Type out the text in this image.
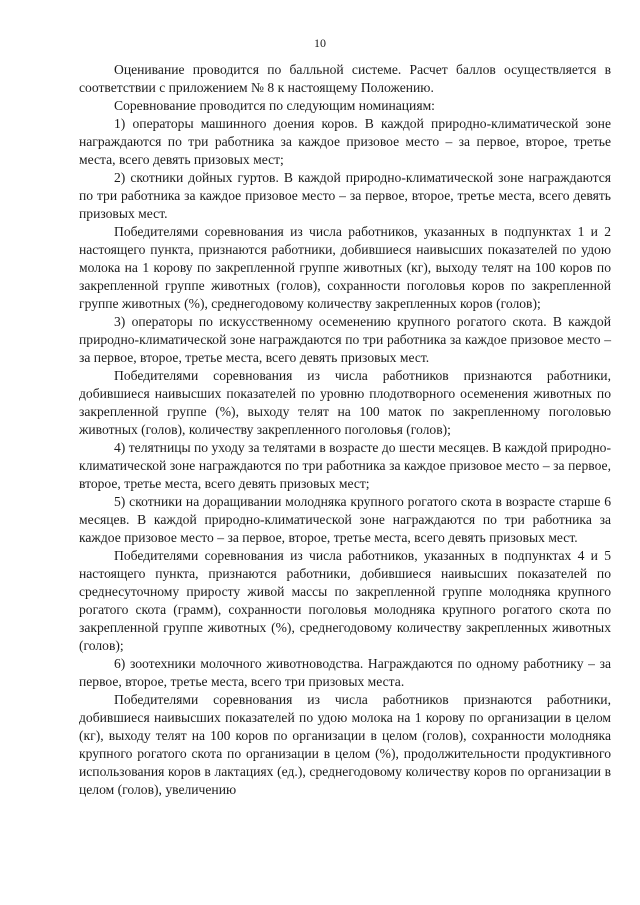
10

Оценивание проводится по балльной системе. Расчет баллов осуществляется в соответствии с приложением № 8 к настоящему Положению.

Соревнование проводится по следующим номинациям:

1) операторы машинного доения коров. В каждой природно-климатической зоне награждаются по три работника за каждое призовое место – за первое, второе, третье места, всего девять призовых мест;

2) скотники дойных гуртов. В каждой природно-климатической зоне награждаются по три работника за каждое призовое место – за первое, второе, третье места, всего девять призовых мест.

Победителями соревнования из числа работников, указанных в подпунктах 1 и 2 настоящего пункта, признаются работники, добившиеся наивысших показателей по удою молока на 1 корову по закрепленной группе животных (кг), выходу телят на 100 коров по закрепленной группе животных (голов), сохранности поголовья коров по закрепленной группе животных (%), среднегодовому количеству закрепленных коров (голов);

3) операторы по искусственному осеменению крупного рогатого скота. В каждой природно-климатической зоне награждаются по три работника за каждое призовое место – за первое, второе, третье места, всего девять призовых мест.

Победителями соревнования из числа работников признаются работники, добившиеся наивысших показателей по уровню плодотворного осеменения животных по закрепленной группе (%), выходу телят на 100 маток по закрепленному поголовью животных (голов), количеству закрепленного поголовья (голов);

4) телятницы по уходу за телятами в возрасте до шести месяцев. В каждой природно-климатической зоне награждаются по три работника за каждое призовое место – за первое, второе, третье места, всего девять призовых мест;

5) скотники на доращивании молодняка крупного рогатого скота в возрасте старше 6 месяцев. В каждой природно-климатической зоне награждаются по три работника за каждое призовое место – за первое, второе, третье места, всего девять призовых мест.

Победителями соревнования из числа работников, указанных в подпунктах 4 и 5 настоящего пункта, признаются работники, добившиеся наивысших показателей по среднесуточному приросту живой массы по закрепленной группе молодняка крупного рогатого скота (грамм), сохранности поголовья молодняка крупного рогатого скота по закрепленной группе животных (%), среднегодовому количеству закрепленных животных (голов);

6) зоотехники молочного животноводства. Награждаются по одному работнику – за первое, второе, третье места, всего три призовых места.

Победителями соревнования из числа работников признаются работники, добившиеся наивысших показателей по удою молока на 1 корову по организации в целом (кг), выходу телят на 100 коров по организации в целом (голов), сохранности молодняка крупного рогатого скота по организации в целом (%), продолжительности продуктивного использования коров в лактациях (ед.), среднегодовому количеству коров по организации в целом (голов), увеличению
